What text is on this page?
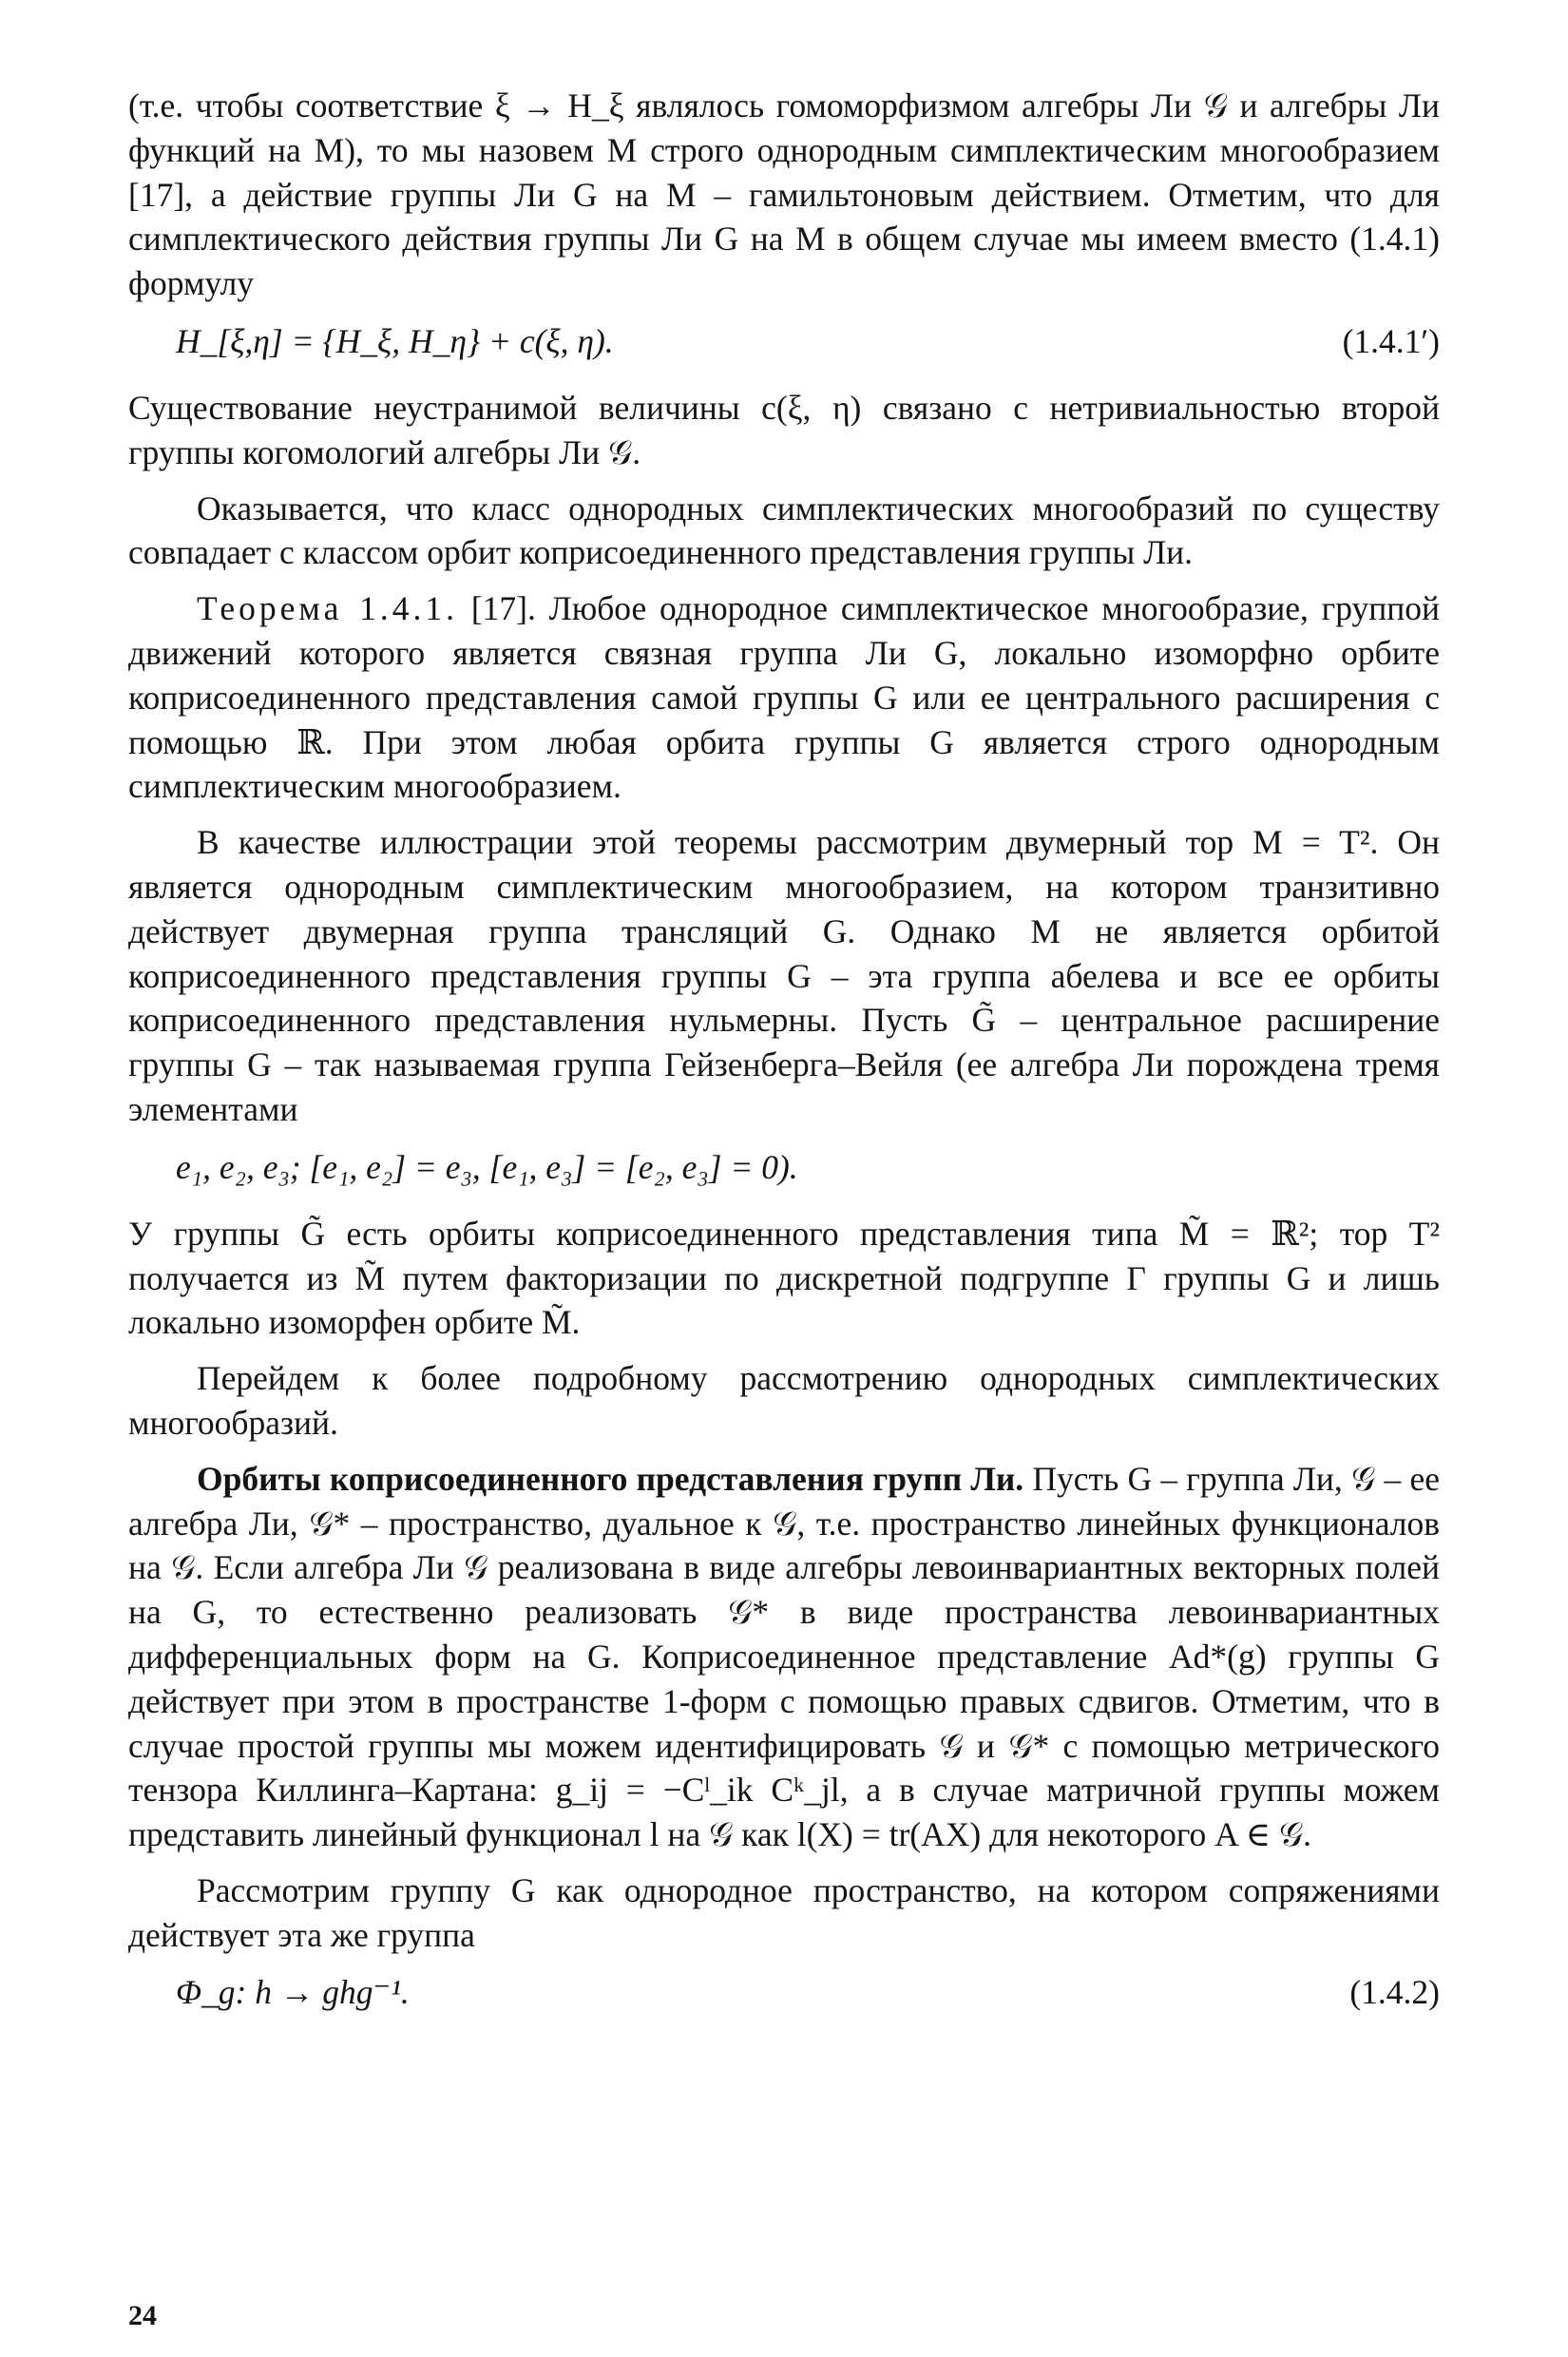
(т.е. чтобы соответствие ξ → H_ξ являлось гомоморфизмом алгебры Ли 𝒢 и алгебры Ли функций на M), то мы назовем M строго однородным симплектическим многообразием [17], а действие группы Ли G на M – гамильтоновым действием. Отметим, что для симплектического действия группы Ли G на M в общем случае мы имеем вместо (1.4.1) формулу

H_[ξ,η] = {H_ξ, H_η} + c(ξ, η).	(1.4.1′)

Существование неустранимой величины c(ξ, η) связано с нетривиальностью второй группы когомологий алгебры Ли 𝒢.

Оказывается, что класс однородных симплектических многообразий по существу совпадает с классом орбит коприсоединенного представления группы Ли.

Теорема 1.4.1. [17]. Любое однородное симплектическое многообразие, группой движений которого является связная группа Ли G, локально изоморфно орбите коприсоединенного представления самой группы G или ее центрального расширения с помощью ℝ. При этом любая орбита группы G является строго однородным симплектическим многообразием.

В качестве иллюстрации этой теоремы рассмотрим двумерный тор M = T². Он является однородным симплектическим многообразием, на котором транзитивно действует двумерная группа трансляций G. Однако M не является орбитой коприсоединенного представления группы G – эта группа абелева и все ее орбиты коприсоединенного представления нульмерны. Пусть G̃ – центральное расширение группы G – так называемая группа Гейзенберга–Вейля (ее алгебра Ли порождена тремя элементами

e₁, e₂, e₃; [e₁, e₂] = e₃, [e₁, e₃] = [e₂, e₃] = 0).

У группы G̃ есть орбиты коприсоединенного представления типа M̃ = ℝ²; тор T² получается из M̃ путем факторизации по дискретной подгруппе Γ группы G и лишь локально изоморфен орбите M̃.

Перейдем к более подробному рассмотрению однородных симплектических многообразий.

Орбиты коприсоединенного представления групп Ли. Пусть G – группа Ли, 𝒢 – ее алгебра Ли, 𝒢* – пространство, дуальное к 𝒢, т.е. пространство линейных функционалов на 𝒢. Если алгебра Ли 𝒢 реализована в виде алгебры левоинвариантных векторных полей на G, то естественно реализовать 𝒢* в виде пространства левоинвариантных дифференциальных форм на G. Коприсоединенное представление Ad*(g) группы G действует при этом в пространстве 1-форм с помощью правых сдвигов. Отметим, что в случае простой группы мы можем идентифицировать 𝒢 и 𝒢* с помощью метрического тензора Киллинга–Картана: g_ij = −Cˡ_ik Cᵏ_jl, а в случае матричной группы можем представить линейный функционал l на 𝒢 как l(X) = tr(AX) для некоторого A ∈ 𝒢.

Рассмотрим группу G как однородное пространство, на котором сопряжениями действует эта же группа

Φ_g: h → ghg⁻¹.	(1.4.2)
24
